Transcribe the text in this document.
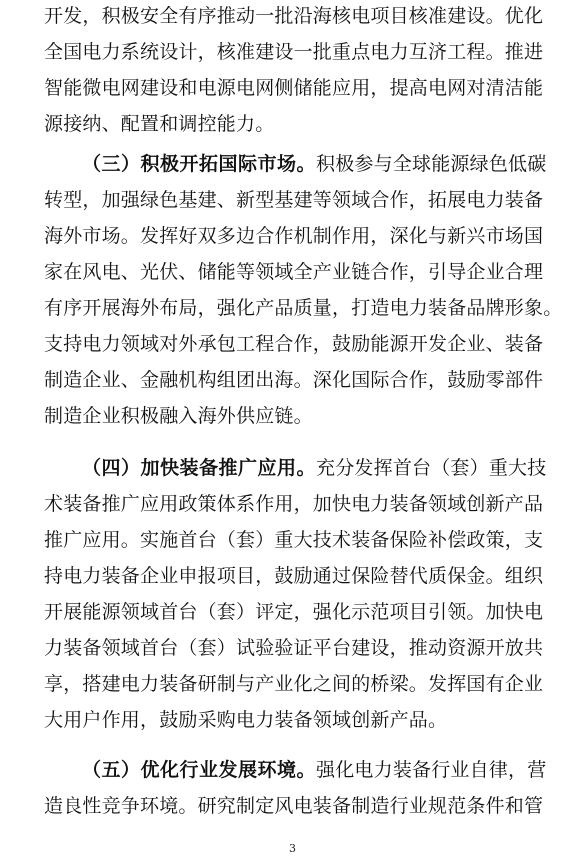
开发，积极安全有序推动一批沿海核电项目核准建设。优化
全国电力系统设计，核准建设一批重点电力互济工程。推进
智能微电网建设和电源电网侧储能应用，提高电网对清洁能
源接纳、配置和调控能力。
（三）积极开拓国际市场。积极参与全球能源绿色低碳
转型，加强绿色基建、新型基建等领域合作，拓展电力装备
海外市场。发挥好双多边合作机制作用，深化与新兴市场国
家在风电、光伏、储能等领域全产业链合作，引导企业合理
有序开展海外布局，强化产品质量，打造电力装备品牌形象。
支持电力领域对外承包工程合作，鼓励能源开发企业、装备
制造企业、金融机构组团出海。深化国际合作，鼓励零部件
制造企业积极融入海外供应链。
（四）加快装备推广应用。充分发挥首台（套）重大技
术装备推广应用政策体系作用，加快电力装备领域创新产品
推广应用。实施首台（套）重大技术装备保险补偿政策，支
持电力装备企业申报项目，鼓励通过保险替代质保金。组织
开展能源领域首台（套）评定，强化示范项目引领。加快电
力装备领域首台（套）试验验证平台建设，推动资源开放共
享，搭建电力装备研制与产业化之间的桥梁。发挥国有企业
大用户作用，鼓励采购电力装备领域创新产品。
（五）优化行业发展环境。强化电力装备行业自律，营
造良性竞争环境。研究制定风电装备制造行业规范条件和管
3
